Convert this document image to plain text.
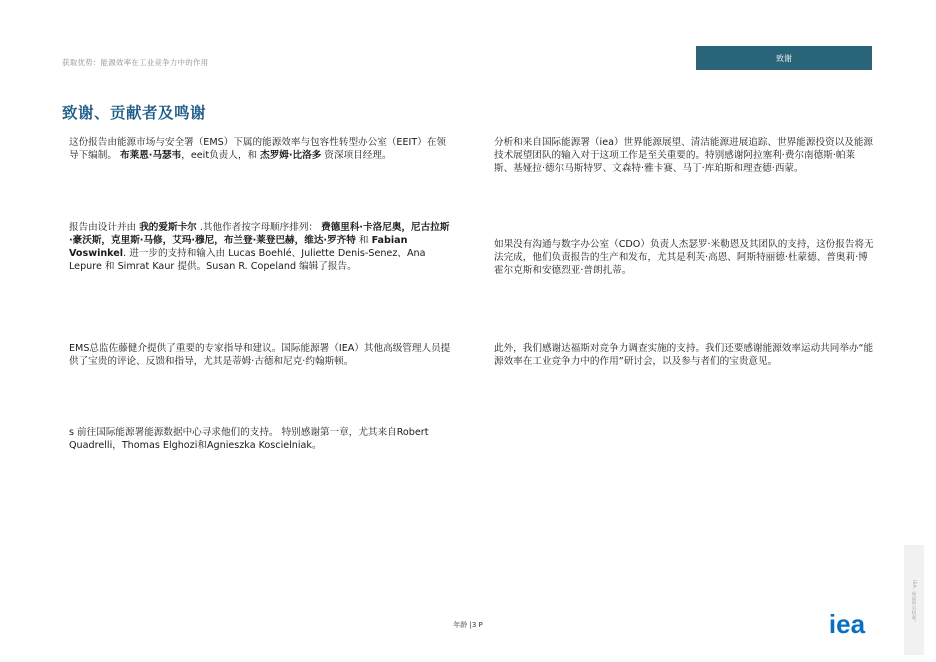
获取优势：能源效率在工业竞争力中的作用	致谢
致谢、贡献者及鸣谢

这份报告由能源市场与安全署（EMS）下属的能源效率与包容性转型办公室（EEIT）在领导下编制。 布莱恩·马瑟韦，eeit负责人，和 杰罗姆·比洛多 资深项目经理。

报告由设计并由 我的爱斯卡尔 .其他作者按字母顺序排列： 费德里科·卡洛尼奥，尼古拉斯·豪沃斯，克里斯·马修，艾玛·穆尼，布兰登·莱登巴赫，维达·罗齐特 和 Fabian Voswinkel. 进一步的支持和输入由 Lucas Boehlé、Juliette Denis-Senez、Ana Lepure 和 Simrat Kaur 提供。Susan R. Copeland 编辑了报告。

EMS总监佐藤健介提供了重要的专家指导和建议。国际能源署（IEA）其他高级管理人员提供了宝贵的评论、反馈和指导，尤其是蒂姆·古德和尼克·约翰斯顿。

s 前往国际能源署能源数据中心寻求他们的支持。 特别感谢第一章，尤其来自Robert Quadrelli，Thomas Elghozi和Agnieszka Koscielniak。

分析和来自国际能源署（iea）世界能源展望、清洁能源进展追踪、世界能源投资以及能源技术展望团队的输入对于这项工作是至关重要的。特别感谢阿拉塞利·费尔南德斯·帕莱斯、基娅拉·德尔马斯特罗、文森特·雅卡赛、马丁·库珀斯和理查德·西蒙。

如果没有沟通与数字办公室（CDO）负责人杰瑟罗·米勒恩及其团队的支持，这份报告将无法完成，他们负责报告的生产和发布，尤其是利芙·高恩、阿斯特丽德·杜蒙德、普奥莉·博霍尔克斯和安德烈亚·普朗扎蒂。

此外，我们感谢达福斯对竞争力调查实施的支持。我们还要感谢能源效率运动共同举办“能源效率在工业竞争力中的作用”研讨会，以及参与者们的宝贵意见。

年龄 |3 P	IEA. 保留所有权利。
iea
